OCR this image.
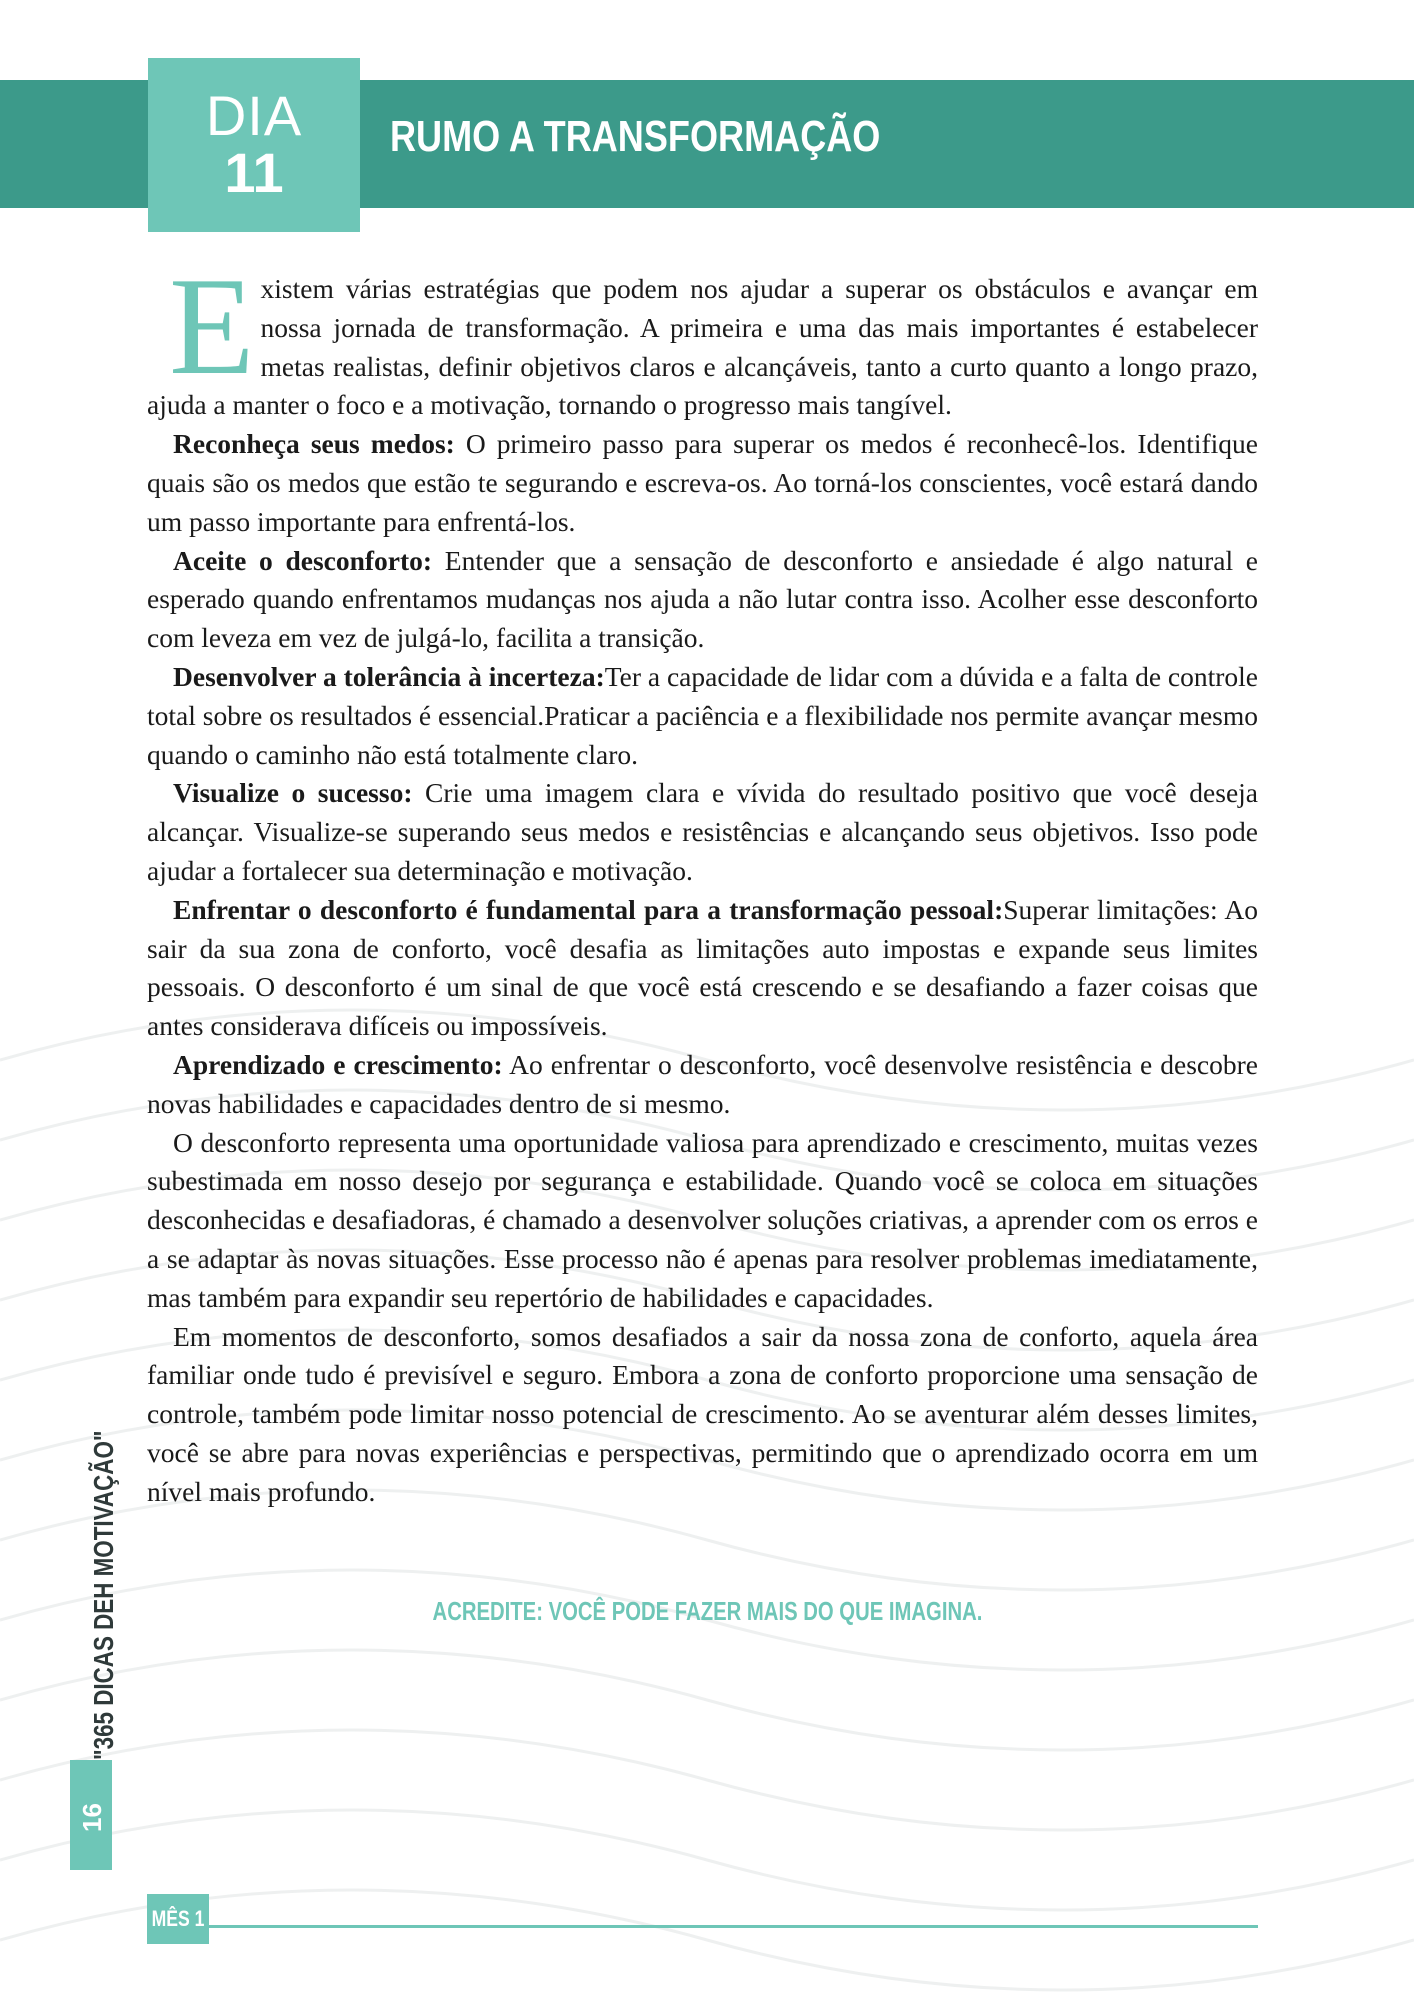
DIA
11
RUMO A TRANSFORMAÇÃO

Existem várias estratégias que podem nos ajudar a superar os obstáculos e avançar em nossa jornada de transformação. A primeira e uma das mais importantes é estabelecer metas realistas, definir objetivos claros e alcançáveis, tanto a curto quanto a longo prazo, ajuda a manter o foco e a motivação, tornando o progresso mais tangível.

Reconheça seus medos: O primeiro passo para superar os medos é reconhecê-los. Identifique quais são os medos que estão te segurando e escreva-os. Ao torná-los conscientes, você estará dando um passo importante para enfrentá-los.

Aceite o desconforto: Entender que a sensação de desconforto e ansiedade é algo natural e esperado quando enfrentamos mudanças nos ajuda a não lutar contra isso. Acolher esse desconforto com leveza em vez de julgá-lo, facilita a transição.

Desenvolver a tolerância à incerteza:Ter a capacidade de lidar com a dúvida e a falta de controle total sobre os resultados é essencial.Praticar a paciência e a flexibilidade nos permite avançar mesmo quando o caminho não está totalmente claro.

Visualize o sucesso: Crie uma imagem clara e vívida do resultado positivo que você deseja alcançar. Visualize-se superando seus medos e resistências e alcançando seus objetivos. Isso pode ajudar a fortalecer sua determinação e motivação.

Enfrentar o desconforto é fundamental para a transformação pessoal:Superar limitações: Ao sair da sua zona de conforto, você desafia as limitações auto impostas e expande seus limites pessoais. O desconforto é um sinal de que você está crescendo e se desafiando a fazer coisas que antes considerava difíceis ou impossíveis.

Aprendizado e crescimento: Ao enfrentar o desconforto, você desenvolve resistência e descobre novas habilidades e capacidades dentro de si mesmo.

O desconforto representa uma oportunidade valiosa para aprendizado e crescimento, muitas vezes subestimada em nosso desejo por segurança e estabilidade. Quando você se coloca em situações desconhecidas e desafiadoras, é chamado a desenvolver soluções criativas, a aprender com os erros e a se adaptar às novas situações. Esse processo não é apenas para resolver problemas imediatamente, mas também para expandir seu repertório de habilidades e capacidades.

Em momentos de desconforto, somos desafiados a sair da nossa zona de conforto, aquela área familiar onde tudo é previsível e seguro. Embora a zona de conforto proporcione uma sensação de controle, também pode limitar nosso potencial de crescimento. Ao se aventurar além desses limites, você se abre para novas experiências e perspectivas, permitindo que o aprendizado ocorra em um nível mais profundo.

ACREDITE: VOCÊ PODE FAZER MAIS DO QUE IMAGINA.
"365 DICAS DEH MOTIVAÇÃO"
16
MÊS 1
